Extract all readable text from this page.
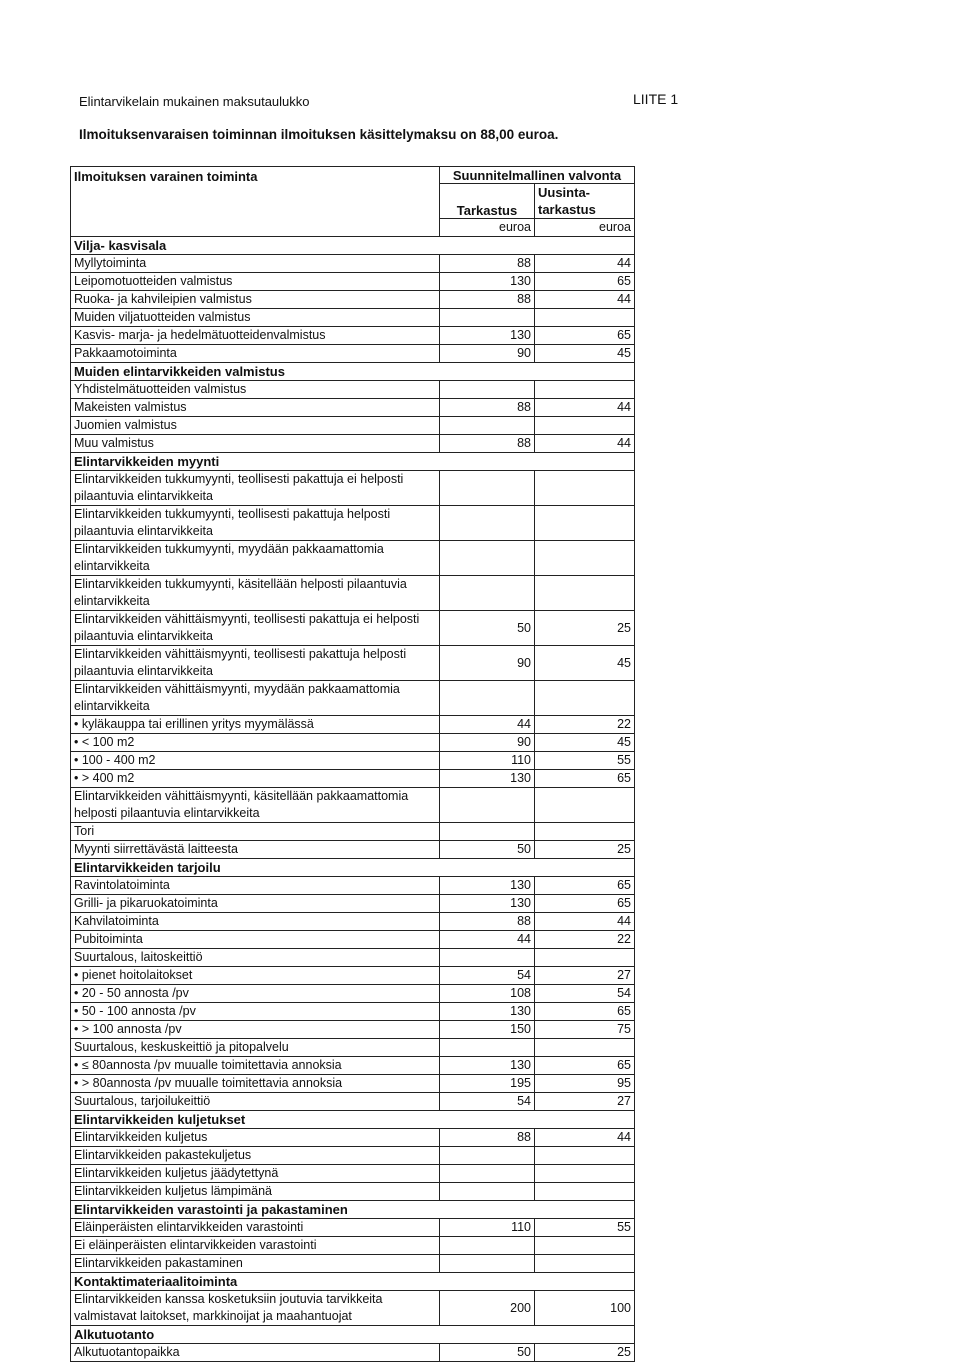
Elintarvikelain mukainen maksutaulukko	LIITE 1
Ilmoituksenvaraisen toiminnan ilmoituksen käsittelymaksu on 88,00 euroa.
Ilmoituksen varainen toiminta	Suunnitelmallinen valvonta	
	Tarkastus	Uusinta-tarkastus
	euroa	euroa
Vilja- kasvisala		
Myllytoiminta	88	44
Leipomotuotteiden valmistus	130	65
Ruoka- ja kahvileipien valmistus	88	44
Muiden viljatuotteiden valmistus		
Kasvis- marja- ja hedelmätuotteidenvalmistus	130	65
Pakkaamotoiminta	90	45
Muiden elintarvikkeiden valmistus		
Yhdistelmätuotteiden valmistus		
Makeisten valmistus	88	44
Juomien valmistus		
Muu valmistus	88	44
Elintarvikkeiden myynti		
Elintarvikkeiden tukkumyynti, teollisesti pakattuja ei helposti pilaantuvia elintarvikkeita		
Elintarvikkeiden tukkumyynti, teollisesti pakattuja helposti pilaantuvia elintarvikkeita		
Elintarvikkeiden tukkumyynti, myydään pakkaamattomia elintarvikkeita		
Elintarvikkeiden tukkumyynti, käsitellään helposti pilaantuvia elintarvikkeita		
Elintarvikkeiden vähittäismyynti, teollisesti pakattuja ei helposti pilaantuvia elintarvikkeita	50	25
Elintarvikkeiden vähittäismyynti, teollisesti pakattuja helposti pilaantuvia elintarvikkeita	90	45
Elintarvikkeiden vähittäismyynti, myydään pakkaamattomia elintarvikkeita		
• kyläkauppa tai erillinen yritys myymälässä	44	22
• < 100 m2	90	45
• 100 - 400 m2	110	55
• > 400 m2	130	65
Elintarvikkeiden vähittäismyynti, käsitellään pakkaamattomia helposti pilaantuvia elintarvikkeita		
Tori		
Myynti siirrettävästä laitteesta	50	25
Elintarvikkeiden tarjoilu		
Ravintolatoiminta	130	65
Grilli- ja pikaruokatoiminta	130	65
Kahvilatoiminta	88	44
Pubitoiminta	44	22
Suurtalous, laitoskeittiö		
• pienet hoitolaitokset	54	27
• 20 - 50 annosta /pv	108	54
• 50 - 100 annosta /pv	130	65
• > 100 annosta /pv	150	75
Suurtalous, keskuskeittiö ja pitopalvelu		
• ≤ 80annosta /pv muualle toimitettavia annoksia	130	65
• > 80annosta /pv muualle toimitettavia annoksia	195	95
Suurtalous, tarjoilukeittiö	54	27
Elintarvikkeiden kuljetukset		
Elintarvikkeiden kuljetus	88	44
Elintarvikkeiden pakastekuljetus		
Elintarvikkeiden kuljetus jäädytettynä		
Elintarvikkeiden kuljetus lämpimänä		
Elintarvikkeiden varastointi ja pakastaminen		
Eläinperäisten elintarvikkeiden varastointi	110	55
Ei eläinperäisten elintarvikkeiden varastointi		
Elintarvikkeiden pakastaminen		
Kontaktimateriaalitoiminta		
Elintarvikkeiden kanssa kosketuksiin joutuvia tarvikkeita valmistavat laitokset, markkinoijat ja maahantuojat	200	100
Alkutuotanto		
Alkutuotantopaikka	50	25
